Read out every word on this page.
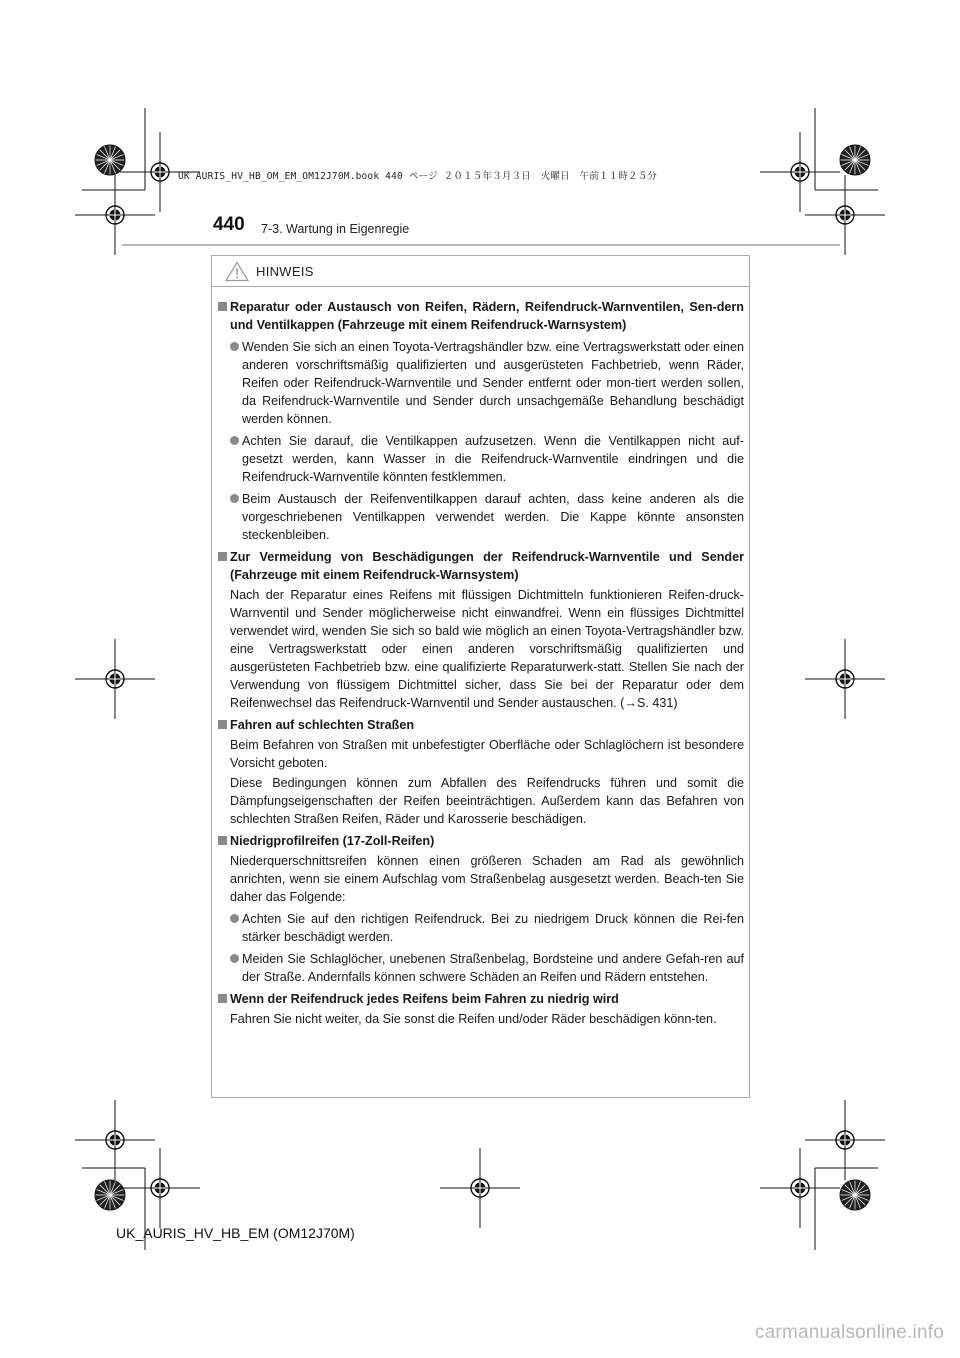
UK AURIS_HV_HB_OM_EM_OM12J70M.book 440 ページ ２０１５年３月３日　火曜日　午前１１時２５分
440 7-3. Wartung in Eigenregie
HINWEIS
Reparatur oder Austausch von Reifen, Rädern, Reifendruck-Warnventilen, Sen-dern und Ventilkappen (Fahrzeuge mit einem Reifendruck-Warnsystem)
Wenden Sie sich an einen Toyota-Vertragshändler bzw. eine Vertragswerkstatt oder einen anderen vorschriftsmäßig qualifizierten und ausgerüsteten Fachbetrieb, wenn Räder, Reifen oder Reifendruck-Warnventile und Sender entfernt oder mon-tiert werden sollen, da Reifendruck-Warnventile und Sender durch unsachgemäße Behandlung beschädigt werden können.
Achten Sie darauf, die Ventilkappen aufzusetzen. Wenn die Ventilkappen nicht auf-gesetzt werden, kann Wasser in die Reifendruck-Warnventile eindringen und die Reifendruck-Warnventile könnten festklemmen.
Beim Austausch der Reifenventilkappen darauf achten, dass keine anderen als die vorgeschriebenen Ventilkappen verwendet werden. Die Kappe könnte ansonsten steckenbleiben.
Zur Vermeidung von Beschädigungen der Reifendruck-Warnventile und Sender (Fahrzeuge mit einem Reifendruck-Warnsystem)
Nach der Reparatur eines Reifens mit flüssigen Dichtmitteln funktionieren Reifen-druck-Warnventil und Sender möglicherweise nicht einwandfrei. Wenn ein flüssiges Dichtmittel verwendet wird, wenden Sie sich so bald wie möglich an einen Toyota-Vertragshändler bzw. eine Vertragswerkstatt oder einen anderen vorschriftsmäßig qualifizierten und ausgerüsteten Fachbetrieb bzw. eine qualifizierte Reparaturwerk-statt. Stellen Sie nach der Verwendung von flüssigem Dichtmittel sicher, dass Sie bei der Reparatur oder dem Reifenwechsel das Reifendruck-Warnventil und Sender austauschen. (→S. 431)
Fahren auf schlechten Straßen
Beim Befahren von Straßen mit unbefestigter Oberfläche oder Schlaglöchern ist besondere Vorsicht geboten.
Diese Bedingungen können zum Abfallen des Reifendrucks führen und somit die Dämpfungseigenschaften der Reifen beeinträchtigen. Außerdem kann das Befahren von schlechten Straßen Reifen, Räder und Karosserie beschädigen.
Niedrigprofilreifen (17-Zoll-Reifen)
Niederquerschnittsreifen können einen größeren Schaden am Rad als gewöhnlich anrichten, wenn sie einem Aufschlag vom Straßenbelag ausgesetzt werden. Beach-ten Sie daher das Folgende:
Achten Sie auf den richtigen Reifendruck. Bei zu niedrigem Druck können die Rei-fen stärker beschädigt werden.
Meiden Sie Schlaglöcher, unebenen Straßenbelag, Bordsteine und andere Gefah-ren auf der Straße. Andernfalls können schwere Schäden an Reifen und Rädern entstehen.
Wenn der Reifendruck jedes Reifens beim Fahren zu niedrig wird
Fahren Sie nicht weiter, da Sie sonst die Reifen und/oder Räder beschädigen könn-ten.
UK_AURIS_HV_HB_EM (OM12J70M)
carmanualsonline.info
